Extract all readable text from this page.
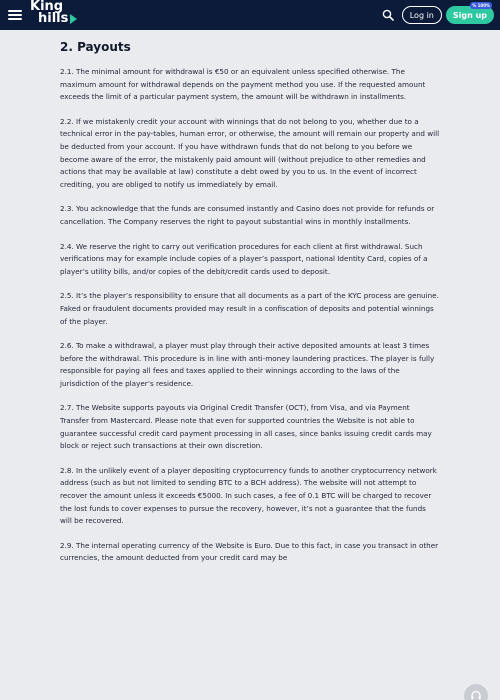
King
hills	Log in	Sign up
% 100%
2. Payouts

2.1. The minimal amount for withdrawal is €50 or an equivalent unless specified otherwise. The maximum amount for withdrawal depends on the payment method you use. If the requested amount exceeds the limit of a particular payment system, the amount will be withdrawn in installments.

2.2. If we mistakenly credit your account with winnings that do not belong to you, whether due to a technical error in the pay-tables, human error, or otherwise, the amount will remain our property and will be deducted from your account. If you have withdrawn funds that do not belong to you before we become aware of the error, the mistakenly paid amount will (without prejudice to other remedies and actions that may be available at law) constitute a debt owed by you to us. In the event of incorrect crediting, you are obliged to notify us immediately by email.

2.3. You acknowledge that the funds are consumed instantly and Casino does not provide for refunds or cancellation. The Company reserves the right to payout substantial wins in monthly installments.

2.4. We reserve the right to carry out verification procedures for each client at first withdrawal. Such verifications may for example include copies of a player’s passport, national Identity Card, copies of a player’s utility bills, and/or copies of the debit/credit cards used to deposit.

2.5. It’s the player’s responsibility to ensure that all documents as a part of the KYC process are genuine. Faked or fraudulent documents provided may result in a confiscation of deposits and potential winnings of the player.

2.6. To make a withdrawal, a player must play through their active deposited amounts at least 3 times before the withdrawal. This procedure is in line with anti-money laundering practices. The player is fully responsible for paying all fees and taxes applied to their winnings according to the laws of the jurisdiction of the player’s residence.

2.7. The Website supports payouts via Original Credit Transfer (OCT), from Visa, and via Payment Transfer from Mastercard. Please note that even for supported countries the Website is not able to guarantee successful credit card payment processing in all cases, since banks issuing credit cards may block or reject such transactions at their own discretion.

2.8. In the unlikely event of a player depositing cryptocurrency funds to another cryptocurrency network address (such as but not limited to sending BTC to a BCH address). The website will not attempt to recover the amount unless it exceeds €5000. In such cases, a fee of 0.1 BTC will be charged to recover the lost funds to cover expenses to pursue the recovery, however, it’s not a guarantee that the funds will be recovered.

2.9. The internal operating currency of the Website is Euro. Due to this fact, in case you transact in other currencies, the amount deducted from your credit card may be
